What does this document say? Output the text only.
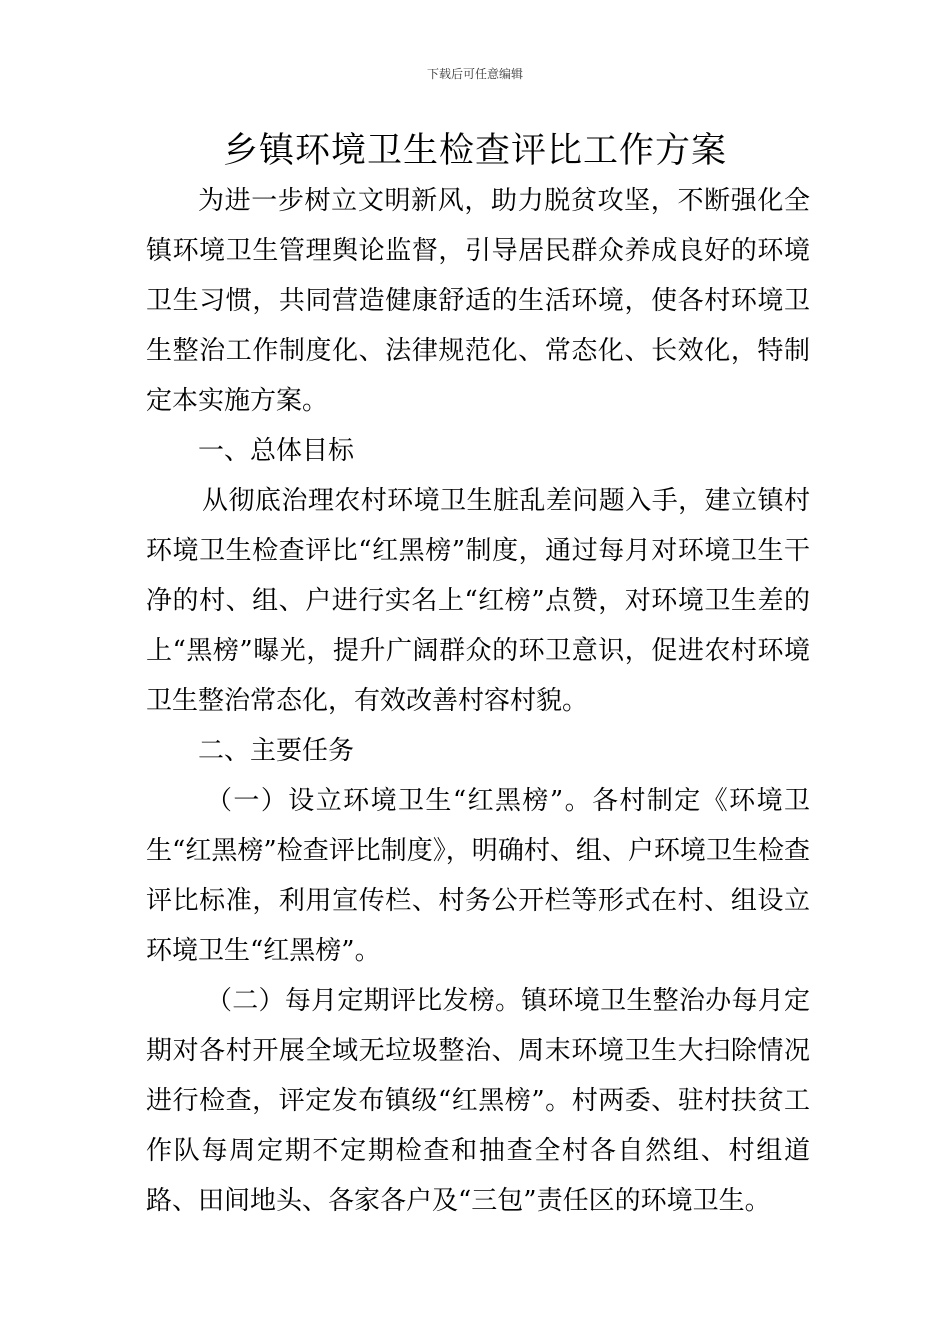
下载后可任意编辑
乡镇环境卫生检查评比工作方案

为进一步树立文明新风，助力脱贫攻坚，不断强化全镇环境卫生管理舆论监督，引导居民群众养成良好的环境卫生习惯，共同营造健康舒适的生活环境，使各村环境卫生整治工作制度化、法律规范化、常态化、长效化，特制定本实施方案。

一、总体目标

从彻底治理农村环境卫生脏乱差问题入手，建立镇村环境卫生检查评比“红黑榜”制度，通过每月对环境卫生干净的村、组、户进行实名上“红榜”点赞，对环境卫生差的上“黑榜”曝光，提升广阔群众的环卫意识，促进农村环境卫生整治常态化，有效改善村容村貌。

二、主要任务

（一）设立环境卫生“红黑榜”。各村制定《环境卫生“红黑榜”检查评比制度》，明确村、组、户环境卫生检查评比标准，利用宣传栏、村务公开栏等形式在村、组设立环境卫生“红黑榜”。

（二）每月定期评比发榜。镇环境卫生整治办每月定期对各村开展全域无垃圾整治、周末环境卫生大扫除情况进行检查，评定发布镇级“红黑榜”。村两委、驻村扶贫工作队每周定期不定期检查和抽查全村各自然组、村组道路、田间地头、各家各户及“三包”责任区的环境卫生。
